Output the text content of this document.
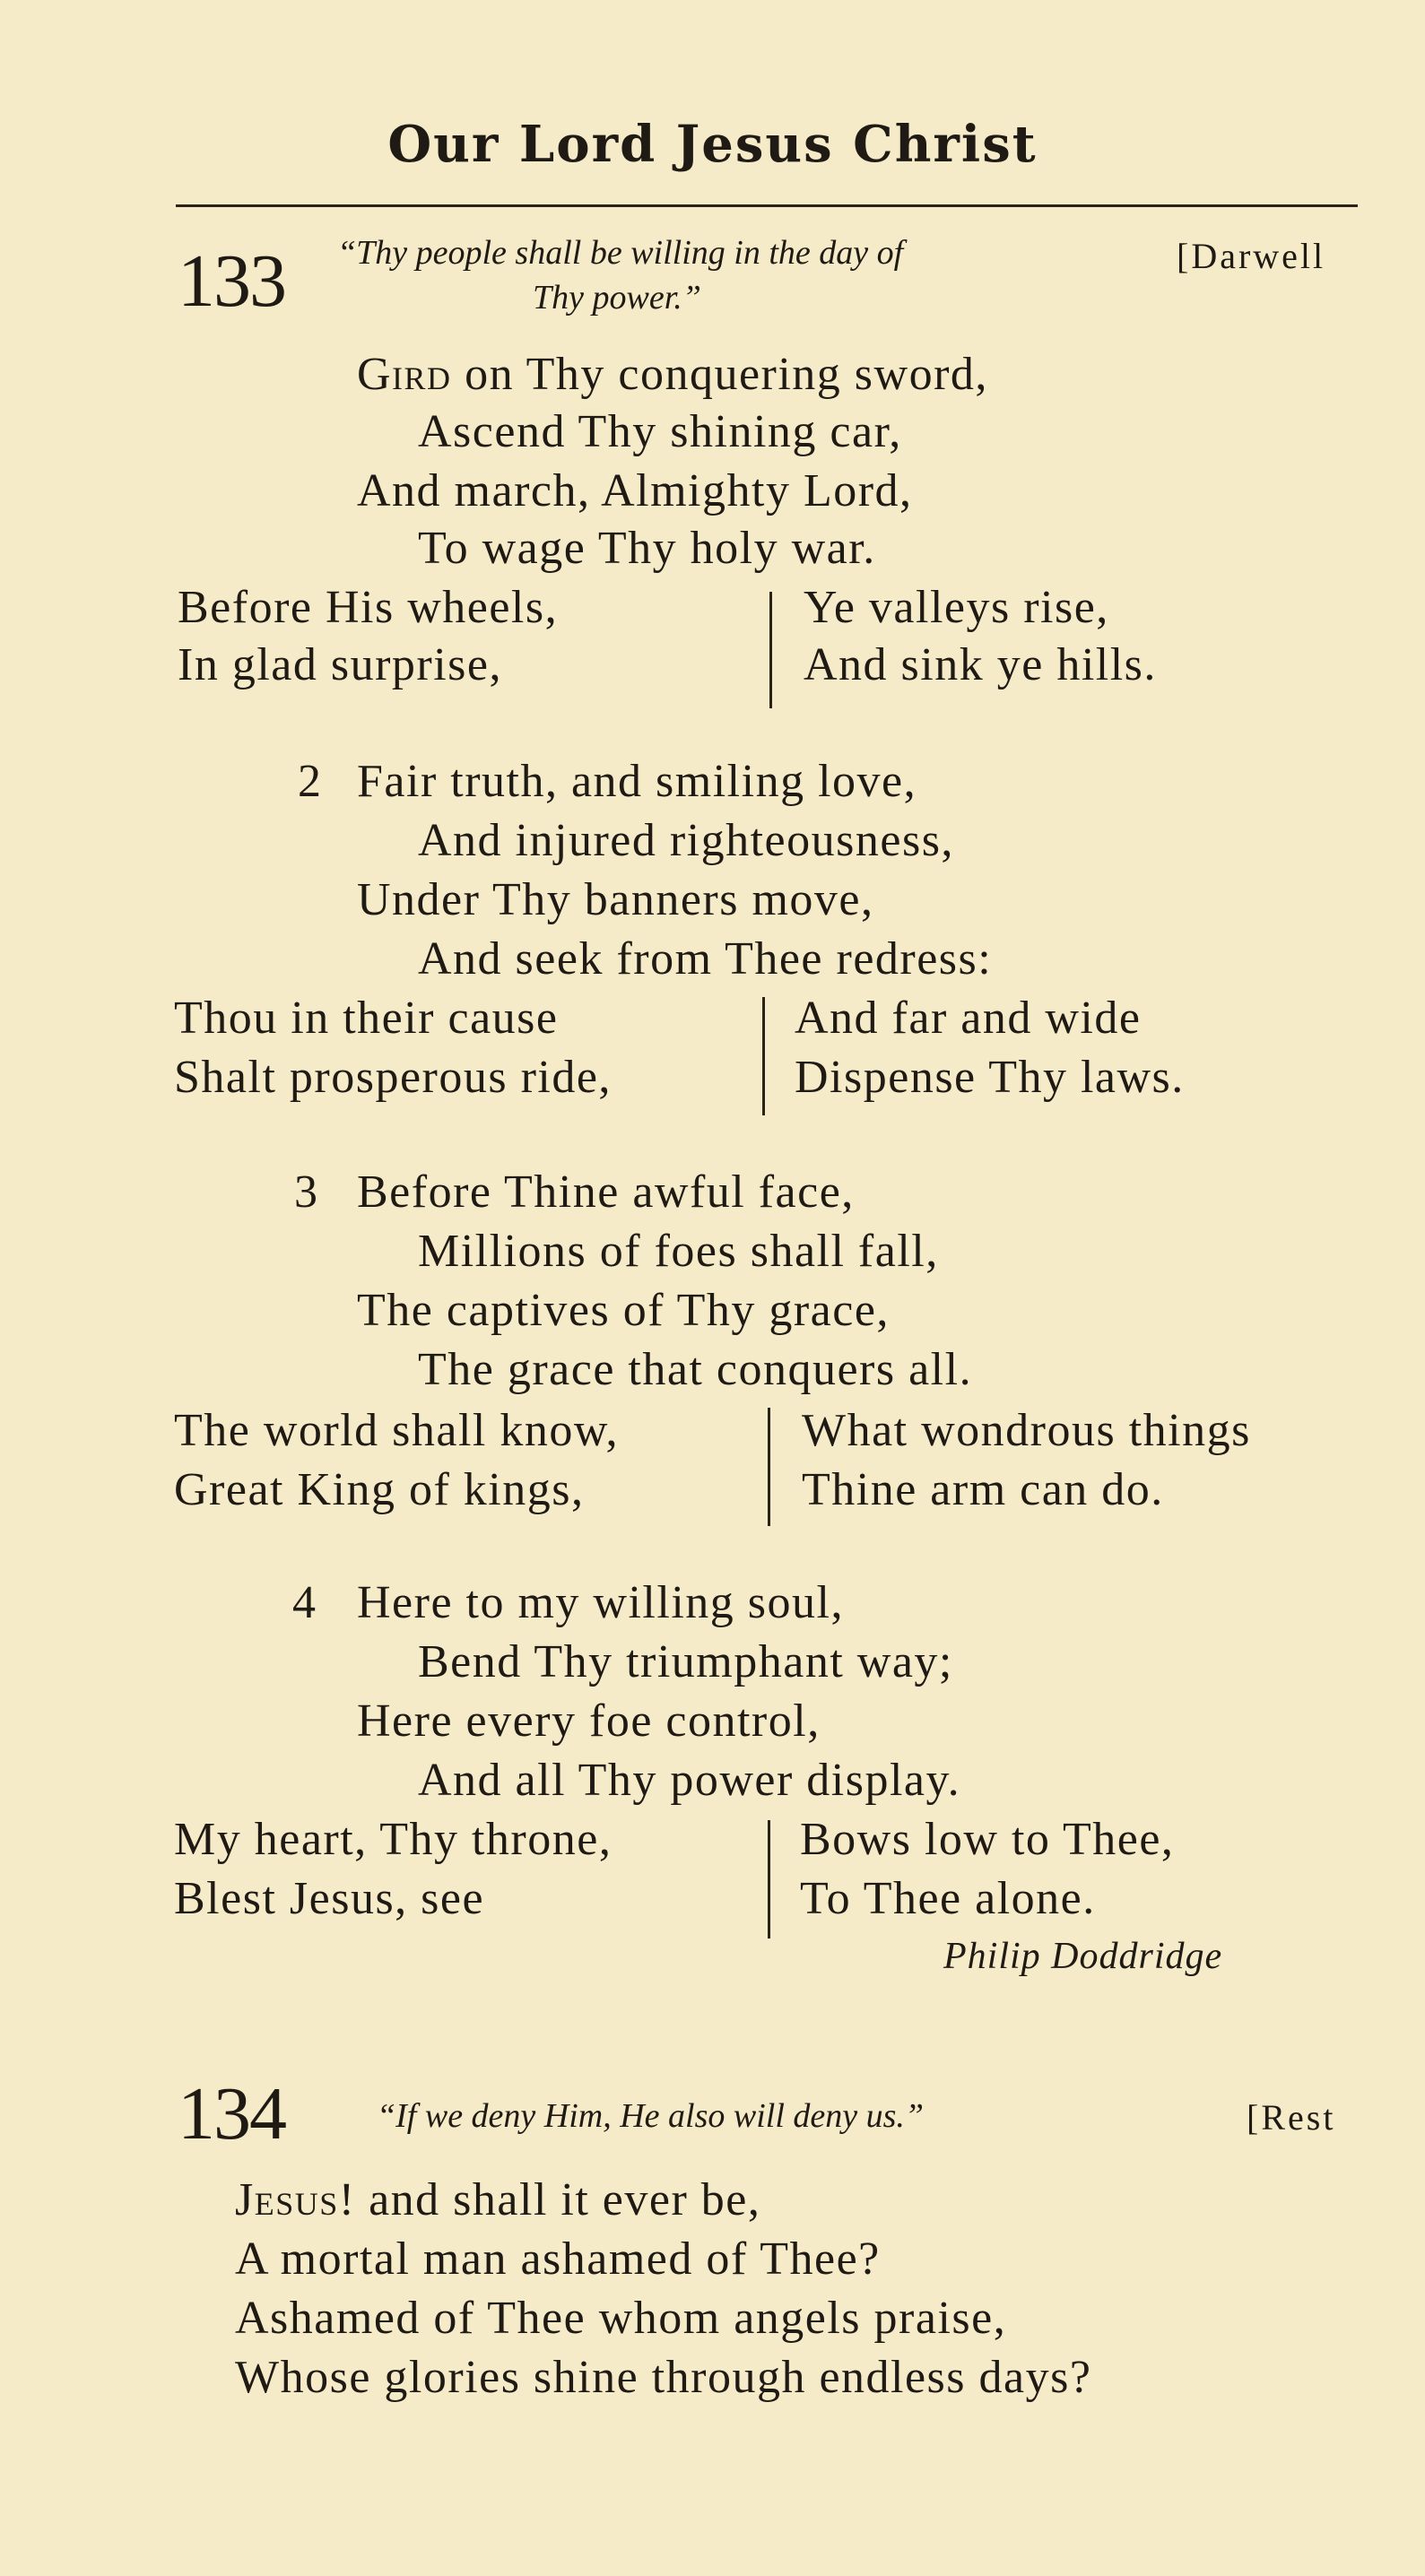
Our Lord Jesus Christ
133 “Thy people shall be willing in the day of
Thy power.”
[Darwell
Gird on Thy conquering sword,
Ascend Thy shining car,
And march, Almighty Lord,
To wage Thy holy war.
Before His wheels,
In glad surprise,
Ye valleys rise,
And sink ye hills.
2 Fair truth, and smiling love,
And injured righteousness,
Under Thy banners move,
And seek from Thee redress:
Thou in their cause
Shalt prosperous ride,
And far and wide
Dispense Thy laws.
3 Before Thine awful face,
Millions of foes shall fall,
The captives of Thy grace,
The grace that conquers all.
The world shall know,
Great King of kings,
What wondrous things
Thine arm can do.
4 Here to my willing soul,
Bend Thy triumphant way;
Here every foe control,
And all Thy power display.
My heart, Thy throne,
Blest Jesus, see
Bows low to Thee,
To Thee alone.
Philip Doddridge
134	“If we deny Him, He also will deny us.”	[Rest
Jesus! and shall it ever be,
A mortal man ashamed of Thee?
Ashamed of Thee whom angels praise,
Whose glories shine through endless days?
